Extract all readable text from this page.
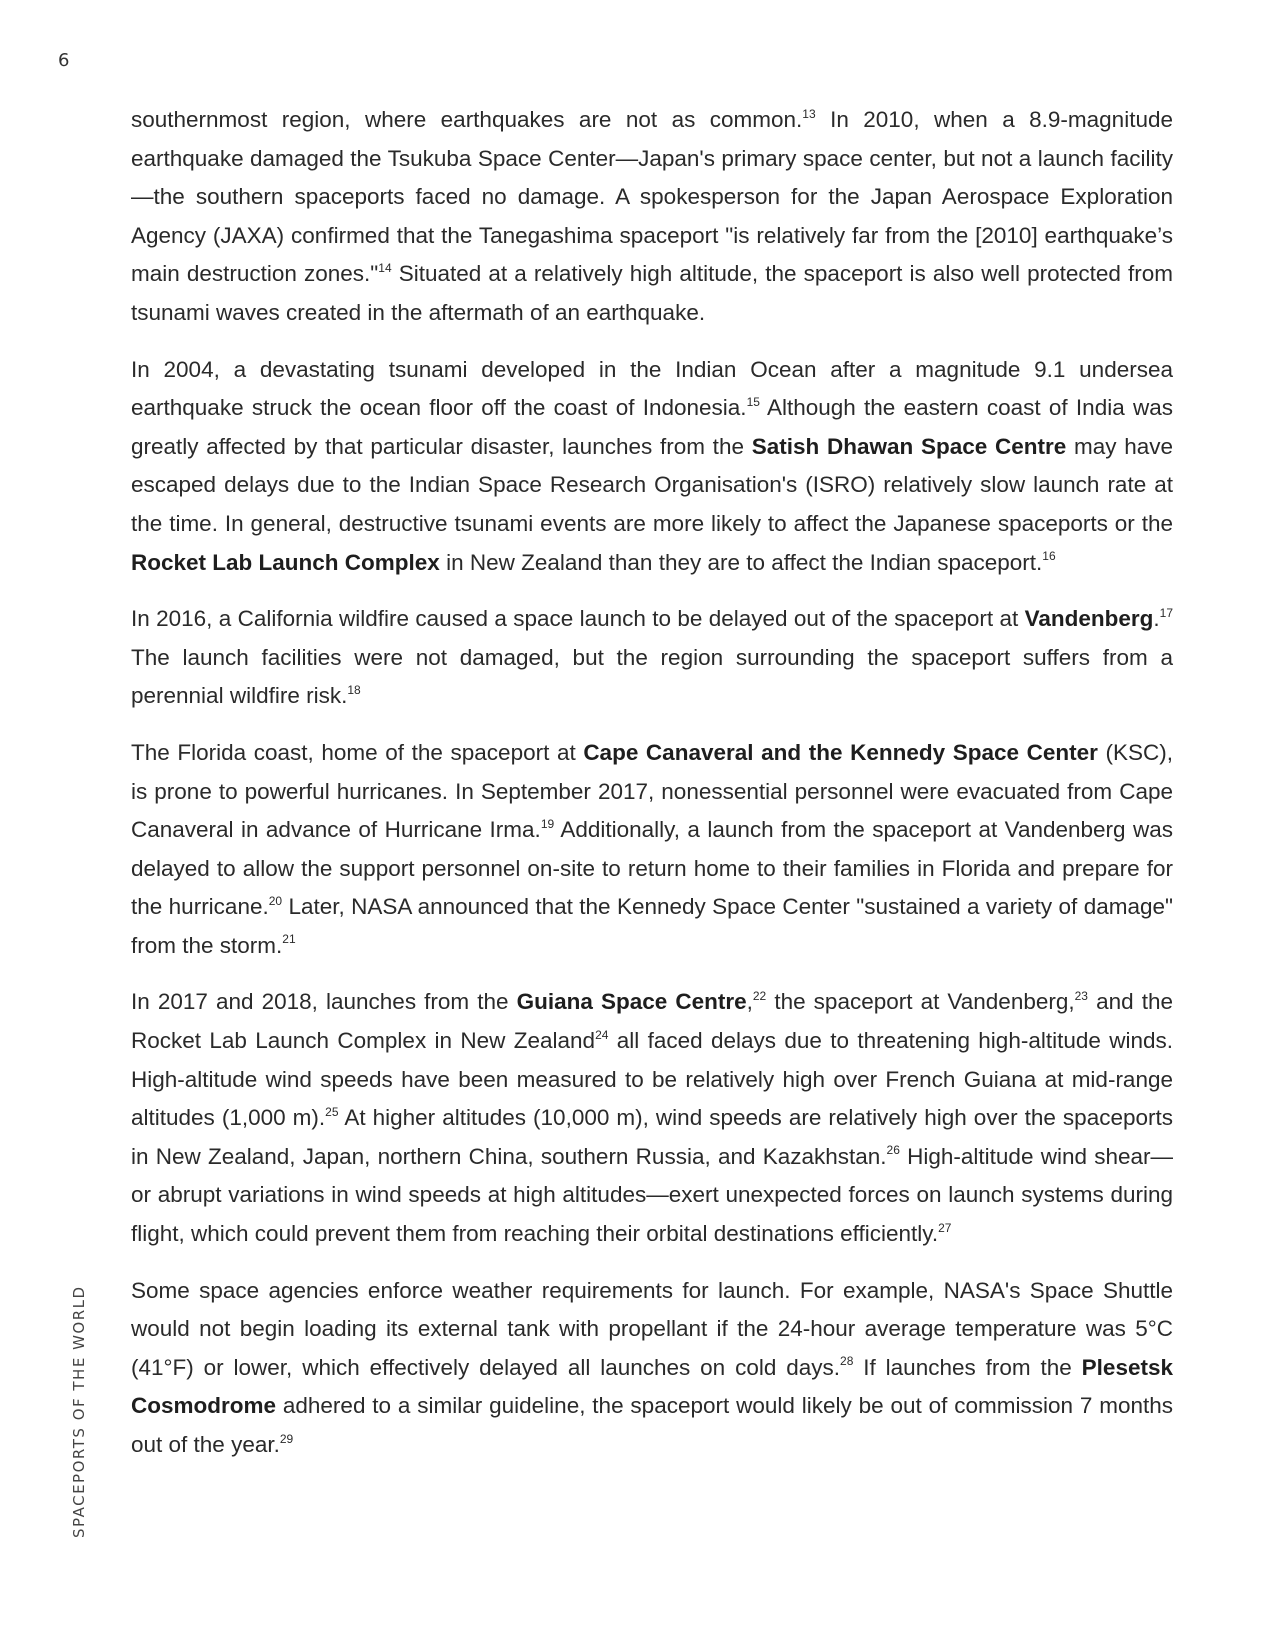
6
SPACEPORTS OF THE WORLD

southernmost region, where earthquakes are not as common.$^{13}$ In 2010, when a 8.9-magnitude earthquake damaged the Tsukuba Space Center—Japan's primary space center, but not a launch facility—the southern spaceports faced no damage. A spokesperson for the Japan Aerospace Exploration Agency (JAXA) confirmed that the Tanegashima spaceport "is relatively far from the [2010] earthquake’s main destruction zones."$^{14}$ Situated at a relatively high altitude, the spaceport is also well protected from tsunami waves created in the aftermath of an earthquake.

In 2004, a devastating tsunami developed in the Indian Ocean after a magnitude 9.1 undersea earthquake struck the ocean floor off the coast of Indonesia.$^{15}$ Although the eastern coast of India was greatly affected by that particular disaster, launches from the Satish Dhawan Space Centre may have escaped delays due to the Indian Space Research Organisation's (ISRO) relatively slow launch rate at the time. In general, destructive tsunami events are more likely to affect the Japanese spaceports or the Rocket Lab Launch Complex in New Zealand than they are to affect the Indian spaceport.$^{16}$

In 2016, a California wildfire caused a space launch to be delayed out of the spaceport at Vandenberg.$^{17}$ The launch facilities were not damaged, but the region surrounding the spaceport suffers from a perennial wildfire risk.$^{18}$

The Florida coast, home of the spaceport at Cape Canaveral and the Kennedy Space Center (KSC), is prone to powerful hurricanes. In September 2017, nonessential personnel were evacuated from Cape Canaveral in advance of Hurricane Irma.$^{19}$ Additionally, a launch from the spaceport at Vandenberg was delayed to allow the support personnel on-site to return home to their families in Florida and prepare for the hurricane.$^{20}$ Later, NASA announced that the Kennedy Space Center "sustained a variety of damage" from the storm.$^{21}$

In 2017 and 2018, launches from the Guiana Space Centre,$^{22}$ the spaceport at Vandenberg,$^{23}$ and the Rocket Lab Launch Complex in New Zealand$^{24}$ all faced delays due to threatening high-altitude winds. High-altitude wind speeds have been measured to be relatively high over French Guiana at mid-range altitudes (1,000 m).$^{25}$ At higher altitudes (10,000 m), wind speeds are relatively high over the spaceports in New Zealand, Japan, northern China, southern Russia, and Kazakhstan.$^{26}$ High-altitude wind shear—or abrupt variations in wind speeds at high altitudes—exert unexpected forces on launch systems during flight, which could prevent them from reaching their orbital destinations efficiently.$^{27}$

Some space agencies enforce weather requirements for launch. For example, NASA's Space Shuttle would not begin loading its external tank with propellant if the 24-hour average temperature was 5°C (41°F) or lower, which effectively delayed all launches on cold days.$^{28}$ If launches from the Plesetsk Cosmodrome adhered to a similar guideline, the spaceport would likely be out of commission 7 months out of the year.$^{29}$
